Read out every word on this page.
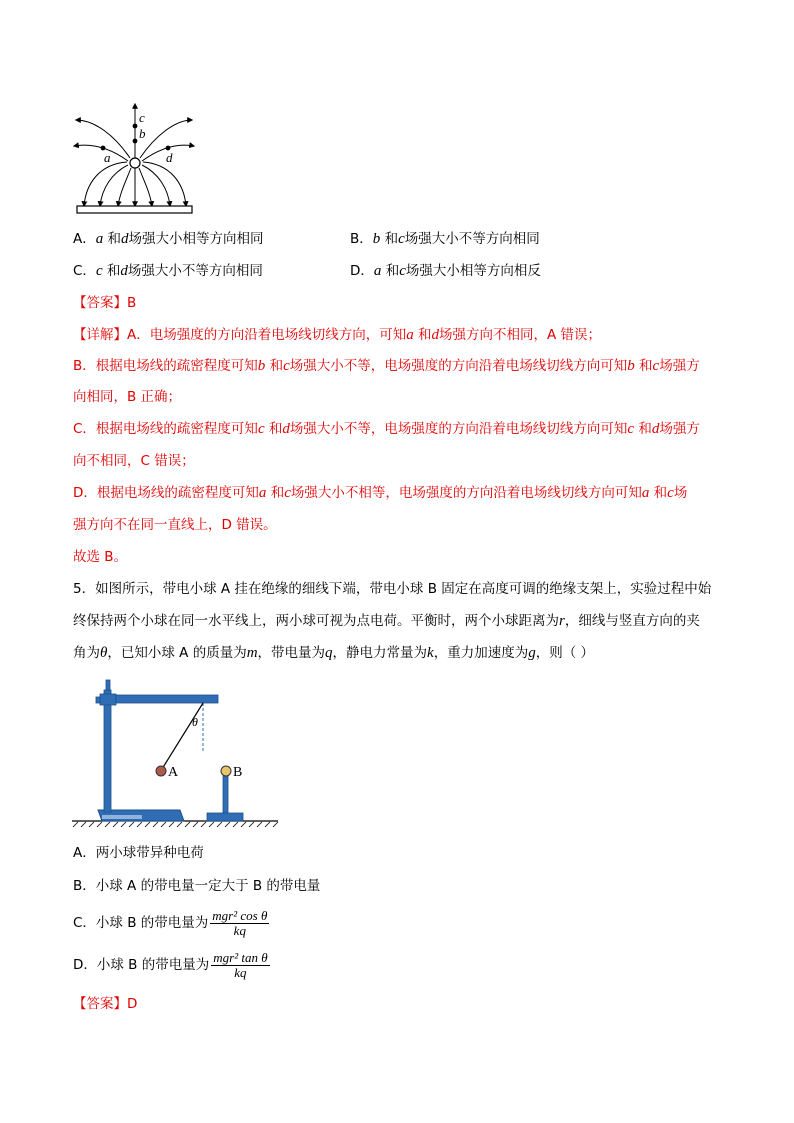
c
b
a	d
A．a 和d场强大小相等方向相同	B．b 和c场强大小不等方向相同
C．c 和d场强大小不等方向相同	D．a 和c场强大小相等方向相反
【答案】B
【详解】A．电场强度的方向沿着电场线切线方向，可知a 和d场强方向不相同，A 错误；
B．根据电场线的疏密程度可知b 和c场强大小不等，电场强度的方向沿着电场线切线方向可知b 和c场强方
向相同，B 正确；
C．根据电场线的疏密程度可知c 和d场强大小不等，电场强度的方向沿着电场线切线方向可知c 和d场强方
向不相同，C 错误；
D．根据电场线的疏密程度可知a 和c场强大小不相等，电场强度的方向沿着电场线切线方向可知a 和c场
强方向不在同一直线上，D 错误。
故选 B。
5．如图所示，带电小球 A 挂在绝缘的细线下端，带电小球 B 固定在高度可调的绝缘支架上，实验过程中始
终保持两个小球在同一水平线上，两小球可视为点电荷。平衡时，两个小球距离为r，细线与竖直方向的夹
角为θ，已知小球 A 的质量为m，带电量为q，静电力常量为k，重力加速度为g，则（ ）
θ
A	B
A．两小球带异种电荷
B．小球 A 的带电量一定大于 B 的带电量
C．小球 B 的带电量为 $\frac{\text{mgr² cos θ}}{kq}$
D．小球 B 的带电量为 $\frac{\text{mgr² tan θ}}{kq}$
【答案】D
